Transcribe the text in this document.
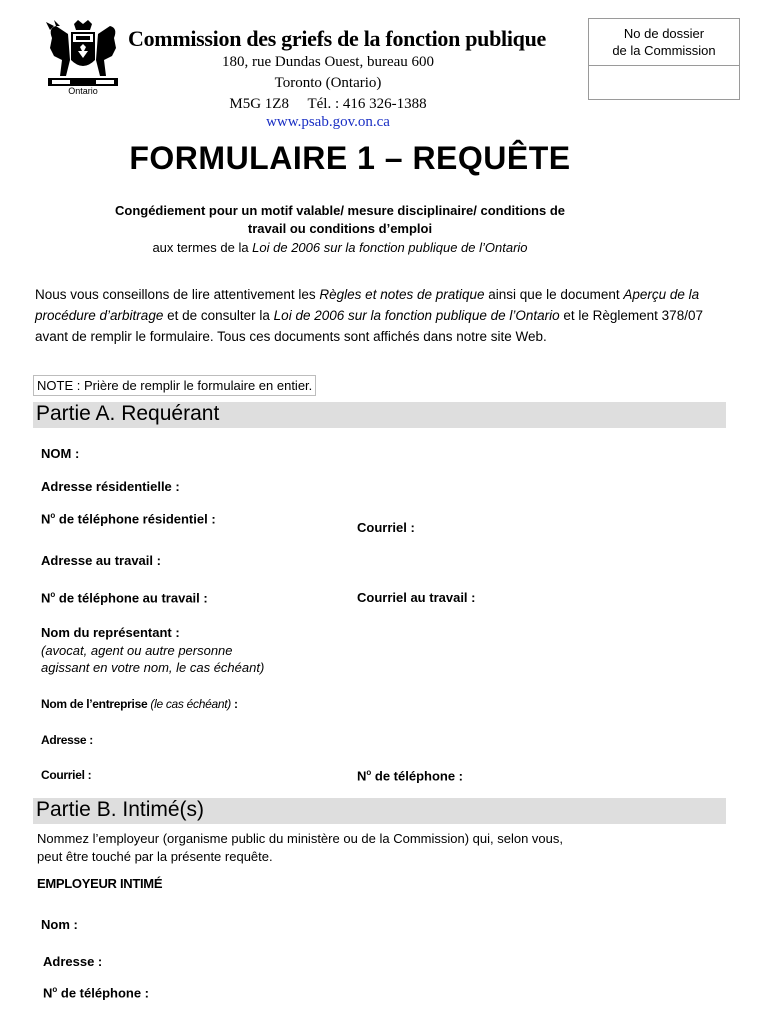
Ontario
Commission des griefs de la fonction publique
180, rue Dundas Ouest, bureau 600
Toronto (Ontario)
M5G 1Z8     Tél. : 416 326-1388
www.psab.gov.on.ca
No de dossier
de la Commission
FORMULAIRE 1 – REQUÊTE
Congédiement pour un motif valable/ mesure disciplinaire/ conditions de
travail ou conditions d’emploi
aux termes de la Loi de 2006 sur la fonction publique de l’Ontario
Nous vous conseillons de lire attentivement les Règles et notes de pratique ainsi que le document Aperçu de la procédure d’arbitrage et de consulter la Loi de 2006 sur la fonction publique de l’Ontario et le Règlement 378/07 avant de remplir le formulaire. Tous ces documents sont affichés dans notre site Web.
NOTE : Prière de remplir le formulaire en entier.
Partie A. Requérant
NOM :
Adresse résidentielle :
$N^o$ de téléphone résidentiel :
Courriel :
Adresse au travail :
$N^o$ de téléphone au travail :	Courriel au travail :
Nom du représentant :
(avocat, agent ou autre personne
agissant en votre nom, le cas échéant)
Nom de l’entreprise (le cas échéant) :
Adresse :
Courriel :	$N^o$ de téléphone :
Partie B. Intimé(s)
Nommez l’employeur (organisme public du ministère ou de la Commission) qui, selon vous,
peut être touché par la présente requête.
EMPLOYEUR INTIMÉ
Nom :
Adresse :
$N^o$ de téléphone :
